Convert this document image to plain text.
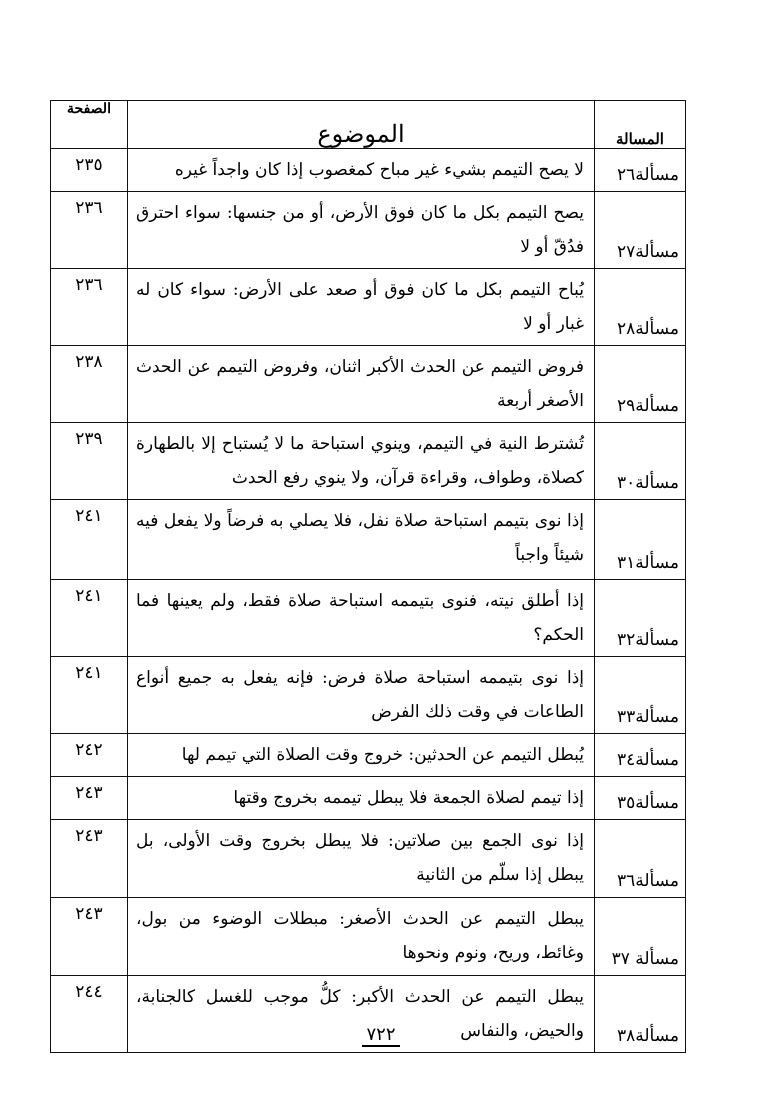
المسالة	الموضوع	الصفحة
مسألة٢٦	لا يصح التيمم بشيء غير مباح كمغصوب إذا كان واجداً غيره	٢٣٥
مسألة٢٧	يصح التيمم بكل ما كان فوق الأرض، أو من جنسها: سواء احترق فدُقّ أو لا	٢٣٦
مسألة٢٨	يُباح التيمم بكل ما كان فوق أو صعد على الأرض: سواء كان له غبار أو لا	٢٣٦
مسألة٢٩	فروض التيمم عن الحدث الأكبر اثنان، وفروض التيمم عن الحدث الأصغر أربعة	٢٣٨
مسألة٣٠	تُشترط النية في التيمم، وينوي استباحة ما لا يُستباح إلا بالطهارة كصلاة، وطواف، وقراءة قرآن، ولا ينوي رفع الحدث	٢٣٩
مسألة٣١	إذا نوى بتيمم استباحة صلاة نفل، فلا يصلي به فرضاً ولا يفعل فيه شيئاً واجباً	٢٤١
مسألة٣٢	إذا أطلق نيته، فنوى بتيممه استباحة صلاة فقط، ولم يعينها فما الحكم؟	٢٤١
مسألة٣٣	إذا نوى بتيممه استباحة صلاة فرض: فإنه يفعل به جميع أنواع الطاعات في وقت ذلك الفرض	٢٤١
مسألة٣٤	يُبطل التيمم عن الحدثين: خروج وقت الصلاة التي تيمم لها	٢٤٢
مسألة٣٥	إذا تيمم لصلاة الجمعة فلا يبطل تيممه بخروج وقتها	٢٤٣
مسألة٣٦	إذا نوى الجمع بين صلاتين: فلا يبطل بخروج وقت الأولى، بل يبطل إذا سلّم من الثانية	٢٤٣
مسألة ٣٧	يبطل التيمم عن الحدث الأصغر: مبطلات الوضوء من بول، وغائط، وريح، ونوم ونحوها	٢٤٣
مسألة٣٨	يبطل التيمم عن الحدث الأكبر: كلُّ موجب للغسل كالجنابة، والحيض، والنفاس	٢٤٤
٧٢٢
